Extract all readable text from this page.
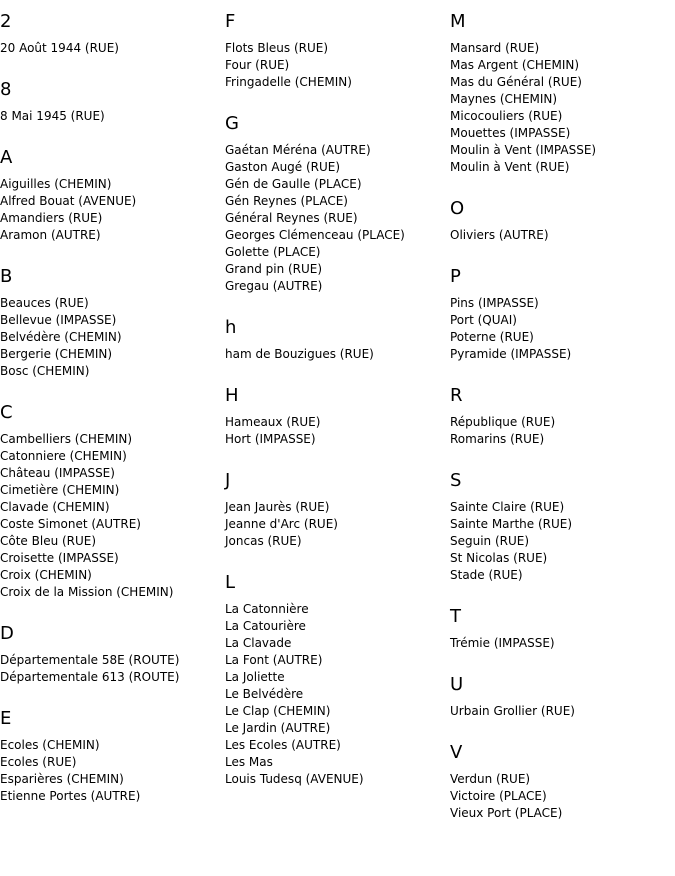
2
20 Août 1944 (RUE)
8
8 Mai 1945 (RUE)
A
Aiguilles (CHEMIN)
Alfred Bouat (AVENUE)
Amandiers (RUE)
Aramon (AUTRE)
B
Beauces (RUE)
Bellevue (IMPASSE)
Belvédère (CHEMIN)
Bergerie (CHEMIN)
Bosc (CHEMIN)
C
Cambelliers (CHEMIN)
Catonniere (CHEMIN)
Château (IMPASSE)
Cimetière (CHEMIN)
Clavade (CHEMIN)
Coste Simonet (AUTRE)
Côte Bleu (RUE)
Croisette (IMPASSE)
Croix (CHEMIN)
Croix de la Mission (CHEMIN)
D
Départementale 58E (ROUTE)
Départementale 613 (ROUTE)
E
Ecoles (CHEMIN)
Ecoles (RUE)
Esparières (CHEMIN)
Etienne Portes (AUTRE)
F
Flots Bleus (RUE)
Four (RUE)
Fringadelle (CHEMIN)
G
Gaétan Méréna (AUTRE)
Gaston Augé (RUE)
Gén de Gaulle (PLACE)
Gén Reynes (PLACE)
Général Reynes (RUE)
Georges Clémenceau (PLACE)
Golette (PLACE)
Grand pin (RUE)
Gregau (AUTRE)
h
ham de Bouzigues (RUE)
H
Hameaux (RUE)
Hort (IMPASSE)
J
Jean Jaurès (RUE)
Jeanne d'Arc (RUE)
Joncas (RUE)
L
La Catonnière
La Catourière
La Clavade
La Font (AUTRE)
La Joliette
Le Belvédère
Le Clap (CHEMIN)
Le Jardin (AUTRE)
Les Ecoles (AUTRE)
Les Mas
Louis Tudesq (AVENUE)
M
Mansard (RUE)
Mas Argent (CHEMIN)
Mas du Général (RUE)
Maynes (CHEMIN)
Micocouliers (RUE)
Mouettes (IMPASSE)
Moulin à Vent (IMPASSE)
Moulin à Vent (RUE)
O
Oliviers (AUTRE)
P
Pins (IMPASSE)
Port (QUAI)
Poterne (RUE)
Pyramide (IMPASSE)
R
République (RUE)
Romarins (RUE)
S
Sainte Claire (RUE)
Sainte Marthe (RUE)
Seguin (RUE)
St Nicolas (RUE)
Stade (RUE)
T
Trémie (IMPASSE)
U
Urbain Grollier (RUE)
V
Verdun (RUE)
Victoire (PLACE)
Vieux Port (PLACE)
